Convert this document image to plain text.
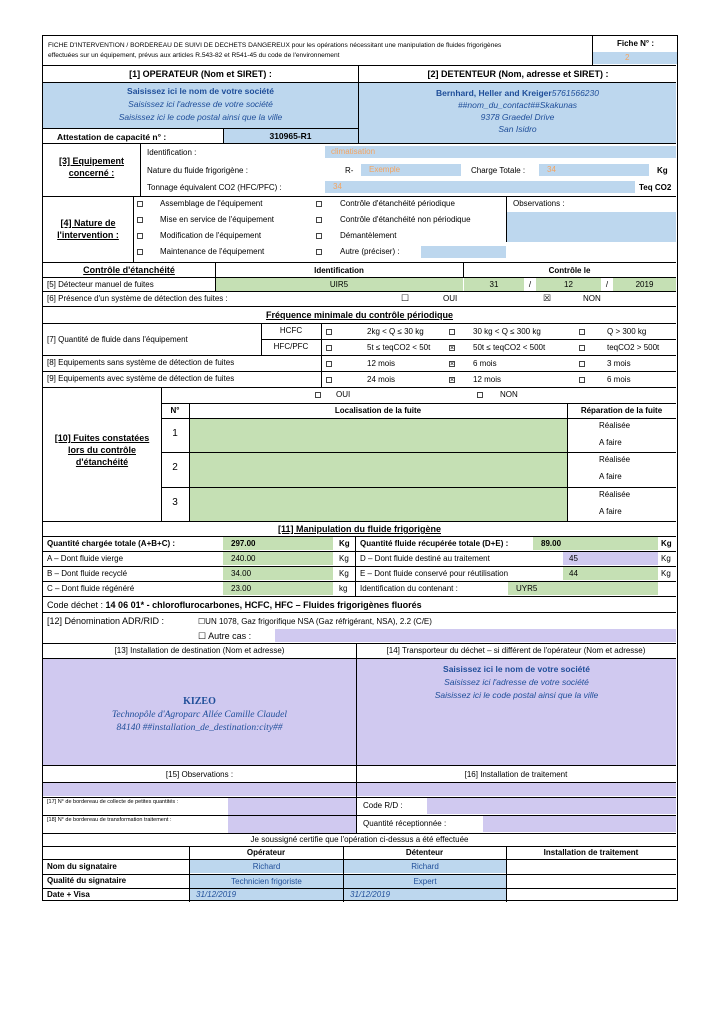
FICHE D'INTERVENTION / BORDEREAU DE SUIVI DE DECHETS DANGEREUX pour les opérations nécessitant une manipulation de fluides frigorigènes
effectuées sur un équipement, prévus aux articles R.543-82 et R541-45 du code de l'environnement
Fiche N° :
2
[1] OPERATEUR (Nom et SIRET) :	[2] DETENTEUR (Nom, adresse et SIRET) :
Saisissez ici le nom de votre société
Saisissez ici l'adresse de votre société
Saisissez ici le code postal ainsi que la ville
Bernhard, Heller and Kreiger5761566230
##nom_du_contact##Skakunas
9378 Graedel Drive
San Isidro
Attestation de capacité n° :	310965-R1
[3] Equipement
concerné :
Identification :	climatisation
Nature du fluide frigorigène :	R- Exemple	Charge Totale :	34	Kg
Tonnage équivalent CO2 (HFC/PFC) :	34	Teq CO2
[4] Nature de
l'intervention :
Assemblage de l'équipement
Mise en service de l'équipement
Modification de l'équipement
Maintenance de l'équipement
Contrôle d'étanchéité périodique
Contrôle d'étanchéité non périodique
Démantèlement
Autre (préciser) :
Observations :
Contrôle d'étanchéité	Identification	Contrôle le
[5] Détecteur manuel de fuites	UIR5	31	/	12	/	2019
[6] Présence d'un système de détection des fuites :	☐	OUI	☒	NON
Fréquence minimale du contrôle périodique
[7] Quantité de fluide dans l'équipement
HCFC
HFC/PFC
2kg < Q ≤ 30 kg	30 kg < Q ≤ 300 kg	Q > 300 kg
5t ≤ teqCO2 < 50t	× 50t ≤ teqCO2 < 500t	teqCO2 > 500t
[8] Equipements sans système de détection de fuites	12 mois	× 6 mois	3 mois
[9] Equipements avec système de détection de fuites	24 mois	× 12 mois	6 mois
[10] Fuites constatées
lors du contrôle
d'étanchéité
OUI	NON
N°	Localisation de la fuite	Réparation de la fuite
1
Réalisée
A faire
2
Réalisée
A faire
3
Réalisée
A faire
[11] Manipulation du fluide frigorigène
Quantité chargée totale (A+B+C) :	297.00	Kg Quantité fluide récupérée totale (D+E) :	89.00	Kg
A – Dont fluide vierge	240.00	Kg D – Dont fluide destiné au traitement	45	Kg
B – Dont fluide recyclé	34.00	Kg E – Dont fluide conservé pour réutilisation	44	Kg
C – Dont fluide régénéré	23.00	kg Identification du contenant :	UYR5
Code déchet : 14 06 01* - chloroflurocarbones, HCFC, HFC – Fluides frigorigènes fluorés
[12] Dénomination ADR/RID :	☐UN 1078, Gaz frigorifique NSA (Gaz réfrigérant, NSA), 2.2 (C/E)
☐ Autre cas :
[13] Installation de destination (Nom et adresse)	[14] Transporteur du déchet – si différent de l'opérateur (Nom et adresse)
KIZEO
Technopôle d'Agroparc Allée Camille Claudel
84140 ##installation_de_destination:city##
Saisissez ici le nom de votre société
Saisissez ici l'adresse de votre société
Saisissez ici le code postal ainsi que la ville
[15] Observations :	[16] Installation de traitement
[17] N° de bordereau de collecte de petites quantités :
[18] N° de bordereau de transformation traitement :
Code R/D :
Quantité réceptionnée :
Je soussigné certifie que l'opération ci-dessus a été effectuée
Opérateur	Détenteur	Installation de traitement
Nom du signataire	Richard	Richard
Qualité du signataire	Technicien frigoriste	Expert
Date + Visa	31/12/2019	31/12/2019
